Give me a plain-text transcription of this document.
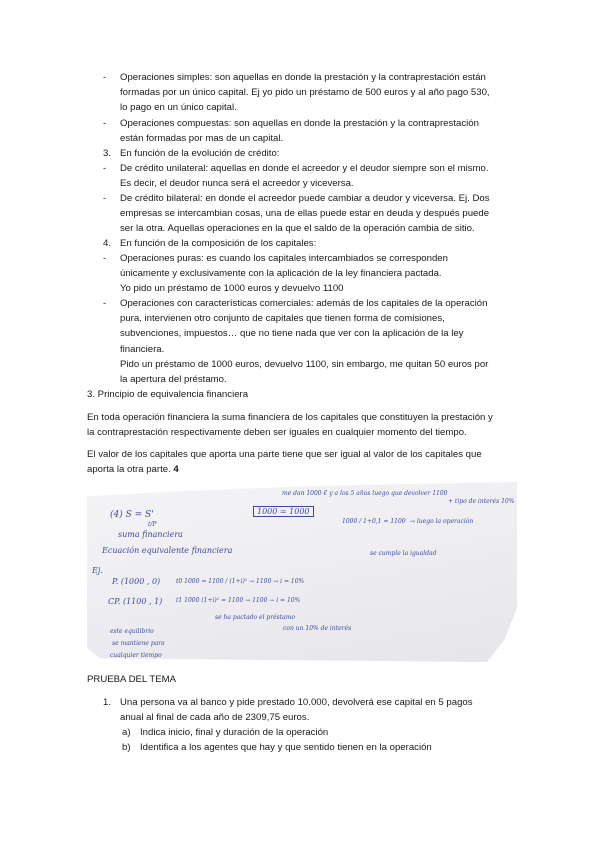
-	Operaciones simples: son aquellas en donde la prestación y la contraprestación están
formadas por un único capital. Ej yo pido un préstamo de 500 euros y al año pago 530,
lo pago en un único capital.
-	Operaciones compuestas: son aquellas en donde la prestación y la contraprestación
están formadas por mas de un capital.
3. En función de la evolución de crédito:
-	De crédito unilateral: aquellas en donde el acreedor y el deudor siempre son el mismo.
Es decir, el deudor nunca será el acreedor y viceversa.
-	De crédito bilateral: en donde el acreedor puede cambiar a deudor y viceversa. Ej. Dos
empresas se intercambian cosas, una de ellas puede estar en deuda y después puede
ser la otra. Aquellas operaciones en la que el saldo de la operación cambia de sitio.
4. En función de la composición de los capitales:
-	Operaciones puras: es cuando los capitales intercambiados se corresponden
únicamente y exclusivamente con la aplicación de la ley financiera pactada.
Yo pido un préstamo de 1000 euros y devuelvo 1100
-	Operaciones con características comerciales: además de los capitales de la operación
pura, intervienen otro conjunto de capitales que tienen forma de comisiones,
subvenciones, impuestos… que no tiene nada que ver con la aplicación de la ley
financiera.
Pido un préstamo de 1000 euros, devuelvo 1100, sin embargo, me quitan 50 euros por
la apertura del préstamo.
3. Principio de equivalencia financiera
En toda operación financiera la suma financiera de los capitales que constituyen la prestación y
la contraprestación respectivamente deben ser iguales en cualquier momento del tiempo.
El valor de los capitales que aporta una parte tiene que ser igual al valor de los capitales que
aporta la otra parte. 4
me dan 1000 € y a los 5 años luego que devolver 1100
+ tipo de interés 10%
(4) S = S'
t/P
1000 = 1000
1000 / 1+0,1 = 1100 → luego la operación
suma financiera
Ecuación equivalente financiera	se cumple la igualdad
Ej.
P. (1000 , 0)	t0 1000 = 1100 / (1+i)¹ → 1100 → i = 10%
CP. (1100 , 1) t1 1000 (1+i)¹ = 1100 → 1100 → i = 10%
se ha pactado el préstamo
con un 10% de interés
este equilibrio
se mantiene para
cualquier tiempo
PRUEBA DEL TEMA
1. Una persona va al banco y pide prestado 10.000, devolverá ese capital en 5 pagos
anual al final de cada año de 2309,75 euros.
a) Indica inicio, final y duración de la operación
b) Identifica a los agentes que hay y que sentido tienen en la operación
